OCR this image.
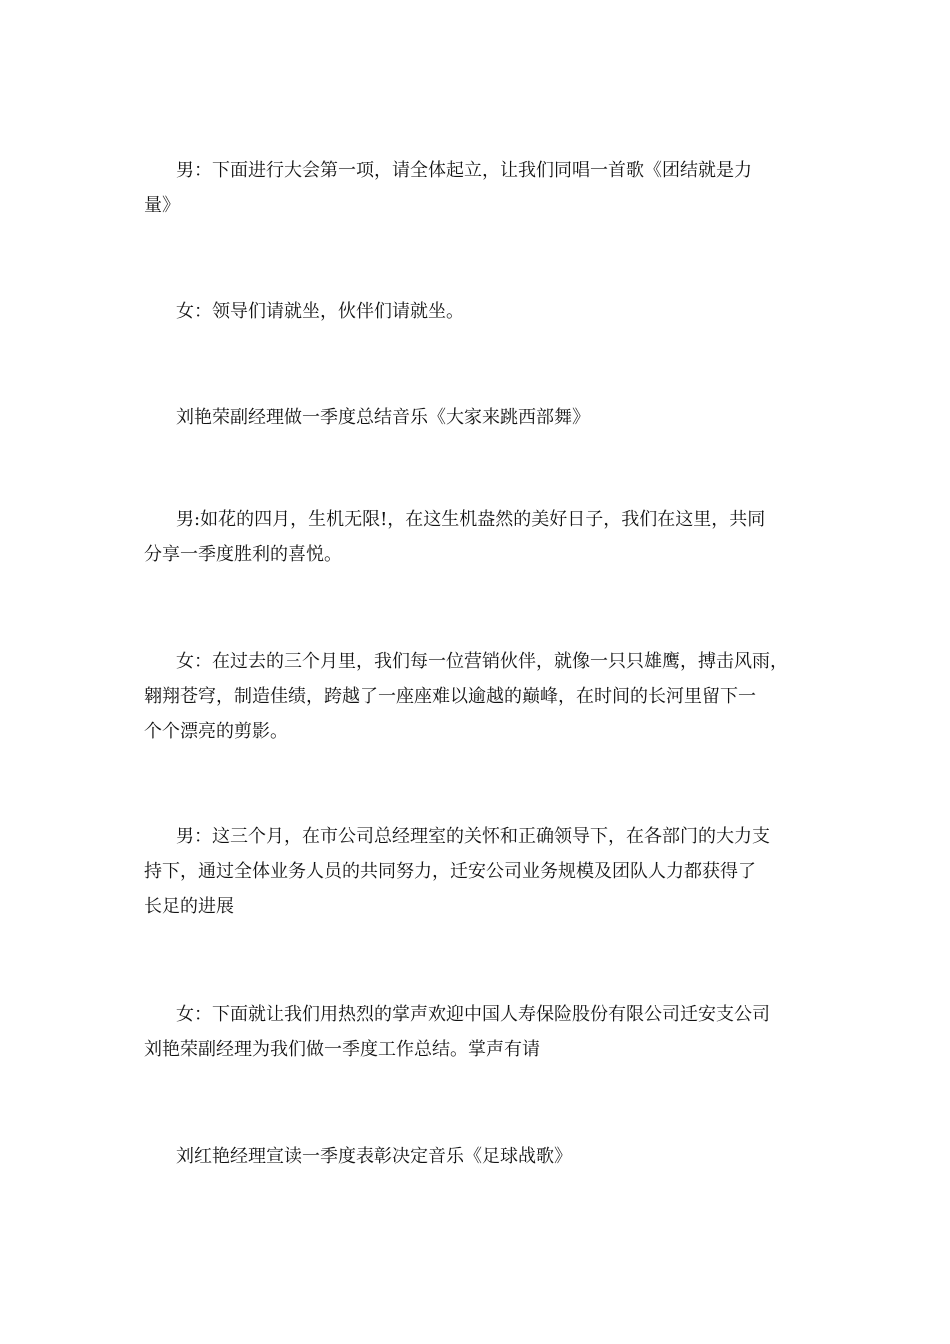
男：下面进行大会第一项，请全体起立，让我们同唱一首歌《团结就是力
量》

女：领导们请就坐，伙伴们请就坐。

刘艳荣副经理做一季度总结音乐《大家来跳西部舞》

男:如花的四月，生机无限!，在这生机盎然的美好日子，我们在这里，共同
分享一季度胜利的喜悦。

女：在过去的三个月里，我们每一位营销伙伴，就像一只只雄鹰，搏击风雨，
翱翔苍穹，制造佳绩，跨越了一座座难以逾越的巅峰，在时间的长河里留下一
个个漂亮的剪影。

男：这三个月，在市公司总经理室的关怀和正确领导下，在各部门的大力支
持下，通过全体业务人员的共同努力，迁安公司业务规模及团队人力都获得了
长足的进展

女：下面就让我们用热烈的掌声欢迎中国人寿保险股份有限公司迁安支公司
刘艳荣副经理为我们做一季度工作总结。掌声有请

刘红艳经理宣读一季度表彰决定音乐《足球战歌》
